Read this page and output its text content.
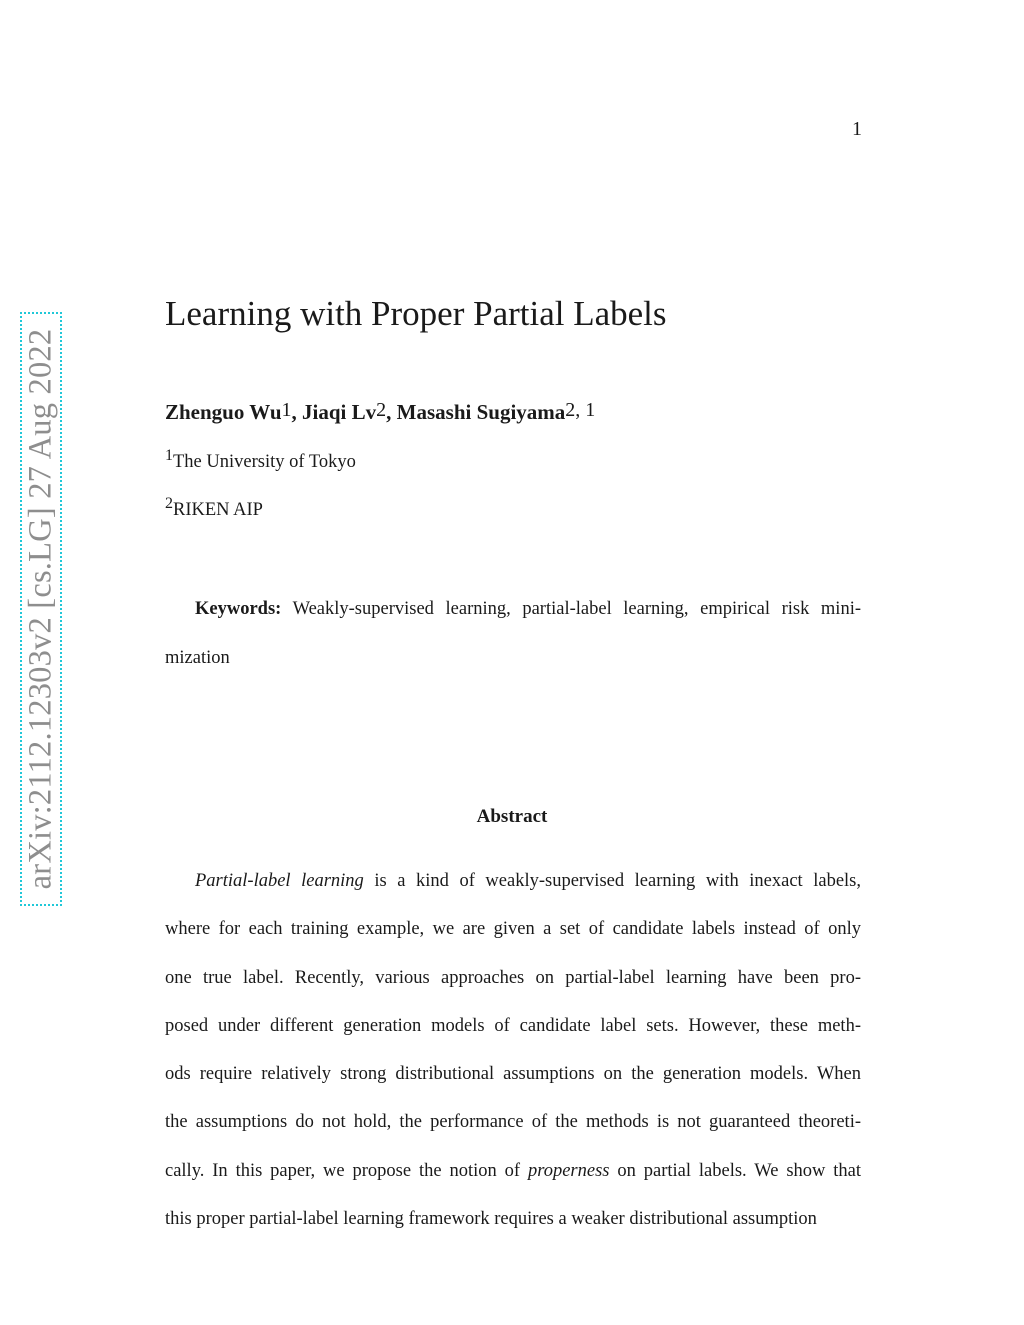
1
arXiv:2112.12303v2 [cs.LG] 27 Aug 2022
Learning with Proper Partial Labels
Zhenguo Wu$^1$, Jiaqi Lv$^2$, Masashi Sugiyama$^{2, 1}$
$^1$The University of Tokyo
$^2$RIKEN AIP
Keywords: Weakly-supervised learning, partial-label learning, empirical risk mini-
mization
Abstract
Partial-label learning is a kind of weakly-supervised learning with inexact labels,
where for each training example, we are given a set of candidate labels instead of only
one true label. Recently, various approaches on partial-label learning have been pro-
posed under different generation models of candidate label sets. However, these meth-
ods require relatively strong distributional assumptions on the generation models. When
the assumptions do not hold, the performance of the methods is not guaranteed theoreti-
cally. In this paper, we propose the notion of properness on partial labels. We show that
this proper partial-label learning framework requires a weaker distributional assumption
